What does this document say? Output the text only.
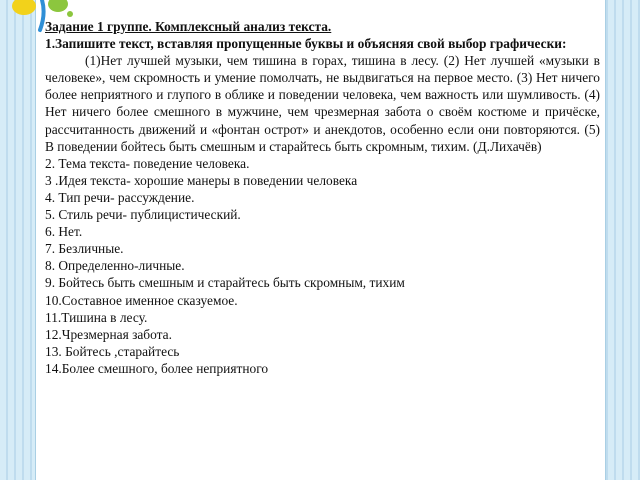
Задание 1 группе. Комплексный анализ текста.

1.Запишите текст, вставляя пропущенные буквы и объясняя свой выбор графически:

(1)Нет лучшей музыки, чем тишина в горах, тишина в лесу. (2) Нет лучшей «музыки в человеке», чем скромность и умение помолчать, не выдвигаться на первое место. (3) Нет ничего более неприятного и глупого в облике и поведении человека, чем важность или шумливость. (4) Нет ничего более смешного в мужчине, чем чрезмерная забота о своём костюме и причёске, рассчитанность движений и «фонтан острот» и анекдотов, особенно если они повторяются. (5) В поведении бойтесь быть смешным и старайтесь быть скромным, тихим. (Д.Лихачёв)

2. Тема текста- поведение человека.
3 .Идея текста- хорошие манеры в поведении человека
4. Тип речи- рассуждение.
5. Стиль речи- публицистический.
6. Нет.
7. Безличные.
8. Определенно-личные.
9. Бойтесь быть смешным и старайтесь быть скромным, тихим
10.Составное именное сказуемое.
11.Тишина в лесу.
12.Чрезмерная забота.
13. Бойтесь ,старайтесь
14.Более смешного, более неприятного
